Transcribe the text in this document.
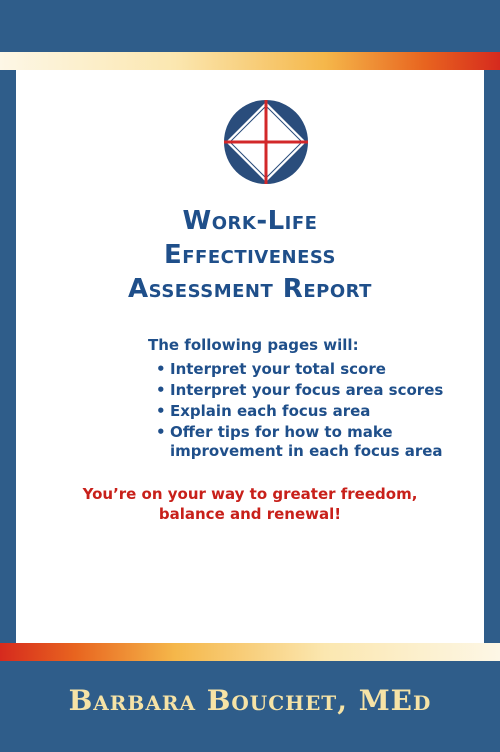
Work-Life
Effectiveness
Assessment Report
The following pages will:
• Interpret your total score
• Interpret your focus area scores
• Explain each focus area
• Offer tips for how to make improvement in each focus area
You’re on your way to greater freedom,
balance and renewal!
Barbara Bouchet, MEd
